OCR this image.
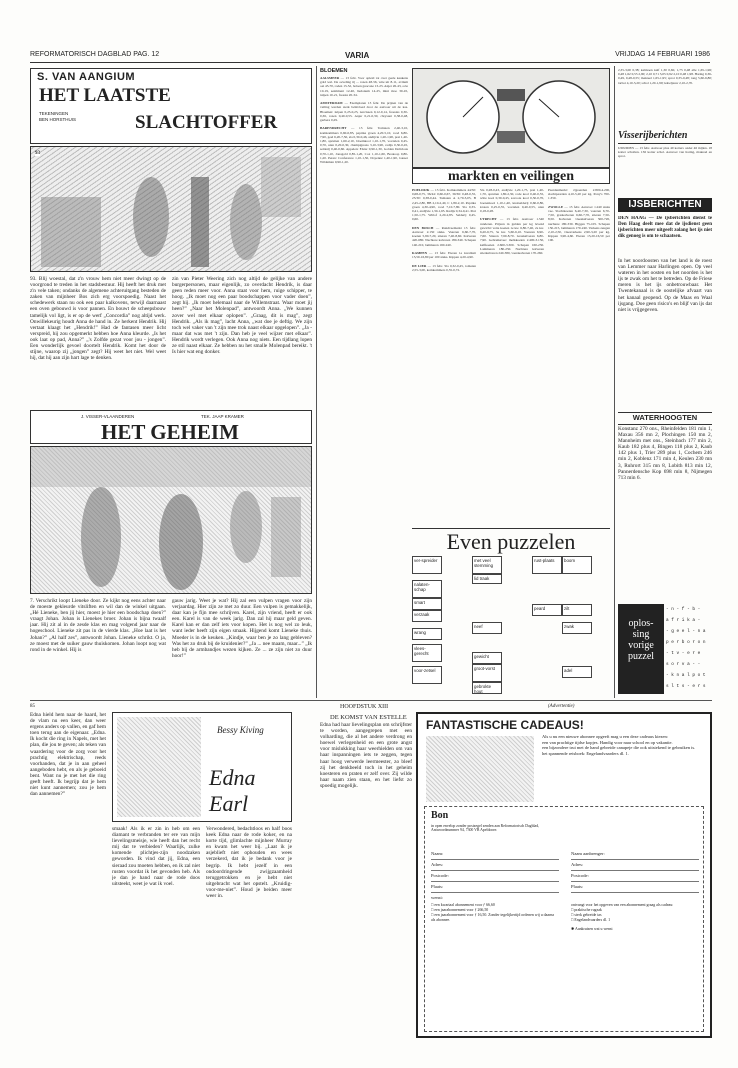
REFORMATORISCH DAGBLAD PAG. 12	VARIA	VRIJDAG 14 FEBRUARI 1986
S. VAN AANGIUM
HET LAATSTE
TEKENINGEN
BEN HORSTHUIS	SLACHTOFFER
93
93. Blij woestal, dat z'n vrouw hem niet meer dwingt op de voorgrond te treden in het stadsbestuur. Hij heeft het druk met z'n vele taken; ondanks de algemene achteruitgang besteden de zaken van mijnheer Bos zich erg voorspoedig. Naast het schedewerk staan nu ook een paar kalkovens, terwijl daarnaast een oven gebouwd is voor pannen. En bouwt de scheepsbouw tamelijk vol ligt, is er op de werf „Concordia” nog altijd werk. Onwillekeurig houdt Anna de hand in. Ze herkent Hendrik. Hij vertaat klaagt het „Hendrik!” Had de fantasen meer licht verspreid, hij zou opgemerkt hebben hoe Anna kleurde. „Is het ook laat op pad, Anna?” „'s Zolfde gezat voor jou - jongen”. Een wonderlijk gevoel doortelt Hendrik. Komt het door de stijne, waarop zij „jongen” zegt? Hij weet het niet. Wel weet hij, dat hij aan zijn hart lage te denken.
zin van Pieter Weering zich nog altijd de gelijke van andere burgerpersonen, maar eigenlijk, zo overdacht Hendrik, is daar geen reden meer voor. Anna staat voor hem, ruige schipper, te hoog. „Ik moet nog een paar boodschappen voor vader doen”, zegt hij. „Ik moet helemaal naar de Willemstraat. Waar moet jij heen?” „Naar het Molenpad”, antwoordt Anna. „We kunnen zover wel met elkaar oplopen”. „Graag, dit is mag”, zegt Hendrik. „Als ik mag”, lacht Anna, „wat doe je deftig. We zijn toch wel vaker van 't zijn mee trok naast elkaar opgelopen”. „Ja - maar dat was met 't zijn. Dan heb je veel wijzer met elkaar”. Hendrik wordt verlegen. Ook Anna nog niets. Een tijdlang lopen ze stil naast elkaar. Ze hebben nu het smalle Molenpad bereikt. 't Is hier wat eng donker.
J. VISSER-VLAANDEREN	TEK. JAAP KRAMER
HET GEHEIM
7. Verschrikt loopt Lieneke door. Ze kijkt nog eens achter naar de moeste gekleurde vitsliften en wil dan de winkel uitgaan. „Hé Lieneke, ben jij hier, moest je hier een boodschap doen?” vraagt Johan. Johan is Lienekes broer. Johan is bijna twaalf jaar. Hij zit al in de zesde klas en mag volgend jaar naar de hogeschool. Lieneke zit pas in de vierde klas. „Hoe laat is het Johan?” „Al half zes”, antwoordt Johan. Lieneke schrikt. O ja, ze moest met de suiker gauw thuiskomen. Johan loopt nog wat rond in de winkel. Hij is
gauw jarig. Weet je wat? Hij zal een vulpen vragen voor zijn verjaardag. Hier zijn ze met zo duur. Een vulpen is gemakkelijk, daar kan je fijn mee schrijven. Karel, zijn vriend, heeft er ook een. Karel is van de week jarig. Dan zal hij maar geld geven. Karel kan er dan zelf iets voor kopen. Het is nog wel zo leuk, want ieder heeft zijn eigen smaak. Hijgend komt Lieneke thuis. Moeder is in de keuken. „Kindje, waar ben je zo lang gebleven? Was het zo druk bij de kruidenier?” „Ja ... nee maam, maar...” „Ik heb bij de armbandjes wezen kijken. Ze ... ze zijn niet zo duur hoor!”
BLOEMEN
AALSMEER — 13 febr. Voor opleid tot over geele keukens gold wel. De oeveling tij ... rozen 48-56, wite uit 8-11, avitum oei 45-70, roden 13-52, bolsen guacone 13-23. Anjer 26-43, ocie 10-19, sentiment 12-40, liedonum 14-25, mini moo 30-45, tulpen 10-21, freesia 20-34.

AMSTERDAM — Exemplaren 13 febr. De prijzen van de veiling werden sterk beïnvloed door de aanvoer uit de kas. Bloemen: tulpen 0,23-0,25, narcissen 0,12-0,14, freesias 0,30-0,36, rozen 0,40-0,55. Anjer 0,21-0,30, chrysant 0,38-0,48, gerbera 0,29.

BARENDRECHT — 13 febr. Tomaten 2,40-3,10, komkommers 0,60-0,85, paprika groen 4,20-5,10, rood 6,80-7,90, geel 6,20-7,50, sla 0,30-0,46, andijvie 1,20-1,90, prei 1,40-1,80, spruiten 1,60-2,10, bloemkool 1,10-1,70, wortelen 0,45-0,70, uien 0,20-0,30, champignons 3,10-3,90, radijs 0,30-0,45, selderij 0,40-0,60. Appelen: Elstar 0,90-1,30, Golden Delicious 0,70-1,10, Jonagold 0,85-1,20, Cox 1,10-1,60, Boskoop 0,80-1,20. Peren: Conference 1,10-1,50, Doyenné 1,40-1,90, Gieser Wildeman 0,90-1,20.
markten en veilingen
POELDIJK — 13 febr. Komkommers 44/50: 0,68-0,75, 36/44: 0,60-0,67, 30/36: 0,48-0,55, 25/30: 0,38-0,44. Tomaten A 2,70-3,05, B 2,45-2,80, BB 2,10-2,40, C 1,80-2,10. Paprika groen 4,30-4,90, rood 7,10-7,80. Sla 0,33-0,41, andijvie 1,30-1,65. Radijs 0,34-0,41. Prei 1,50-1,75. Witlof 2,20-2,85. Selderij 0,45-0,60.

DEN BOSCH — Rundveemarkt 13 febr. Aanvoer 2.150 stuks. Vaarzen 6,60-7,70, koeien 5,90-7,20, stieren 7,40-8,60. Kalveren 420-680. Nuchtere kalveren 180-340. Schapen 140-210, lammeren 160-240.

KAMPEN — 13 febr. Eieren 1e kwaliteit 15,50-16,80 per 100 stuks. Kippen 4,20-4,90.

DE LIER — 13 febr. Sla 0,32-0,45, tomaten 2,55-3,00, komkommers 0,55-0,72.
Sla 0,28-0,43, andijvie 1,20-1,75, prei 1,40-1,70, spruiten 1,80-2,30, rode kool 0,40-0,55, witte kool 0,30-0,45, savooie kool 0,50-0,70, boerenkool 1,10-1,40, knolselderij 0,60-0,80, kroten 0,25-0,35, wortelen 0,40-0,55, uien 0,18-0,28.

UTRECHT — 13 febr. Aanvoer 1.540 runderen. Prijzen in gulden per kg levend gewicht: vette koeien 1e kw. 6,80-7,40, 2e kw. 6,20-6,75, 3e kw. 5,60-6,10. Vaarzen 6,90-7,60. Stieren 7,60-8,70. Graskalveren 6,80-7,90. Gebruiksvee: melkkoeien 2.400-3.150, kalfkoeien 2.600-3.300. Schapen 160-230. Lammeren 180-250. Nuchtere kalveren stierkalveren 240-380, vaarskalveren 170-260.
Paardenmarkt: rijpaarden 2.800-4.200, slachtpaarden 4,10-5,20 per kg. Pony's 700-1.350.

ZWOLLE — 13 febr. Aanvoer 1.240 stuks vee. Slachtkoeien 6,40-7,30, vaarzen 6,70-7,50, graskalveren 6,60-7,70, stieren 7,50-8,50. Kalveren vleeskalveren 500-720, nuchtere 180-330. Biggen 75-105. Schapen 150-215, lammeren 170-240. Varkens zeugen 2,10-2,50, vleesvarkens 2,90-3,20 per kg. Kippen 3,90-4,60. Eieren 15,20-16,50 per 100.
2,35-3,00 0,38; kalmoen kalf 1,30 0,60, 1,75 0,48 alle 1,65-1,96; 0,48 1,62 0,55 2,90; 2,10 0,71 3,05 0,92 2,10 0,48 1,98. Haring 0,36-0,49, 0,48-0,55; makreel 1,65-1,95; sprot 0,35-0,48; tong 5,60-6,80; tarbot 4,10-5,20; schol 1,20-1,90; kabeljauw 2,10-2,70.
Visserijberichten
UMUIDEN — 13 febr. Aanvoer plus 40 kotters onder 46 mijlen. 18 kotter schollen. 136 kotter schol. Aanvoer van haring, makreel en sprot.
IJSBERICHTEN
DEN HAAG — De ijsberichten dienst te Den Haag deelt mee dat de ijsdienst geen ijsberichten meer uitgeeft zolang het ijs niet dik genoeg is om te schaatsen.
In het noordoosten van het land is de roest van Lemmer naar Harlingen open. Op veel wateren in het oosten en het noorden is het ijs te zwak om het te betreden. Op de Friese meren is het ijs onbetrouwbaar. Het Twentekanaal is de oostelijke afvaart van het kanaal geopend. Op de Maas en Waal ijsgang. Doe geen risico's en blijf van ijs dat niet is vrijgegeven.
WATERHOOGTEN
Konstanz 270 ons., Rheinfelden 181 min 1, Maxau 356 mn 2, Plochingen 150 mn 2, Mannheim met ons., Steinbach 177 min 2, Kaub 182 plus 4, Bingen 118 plus 2, Kaub 142 plus 1, Trier 289 plus 1, Cochem 246 min 2, Koblenz 171 min 4, Keulen 230 mn 3, Ruhrort 315 mn 8, Lobith 813 min 12, Pannerdensche Kop 698 min 8, Nijmegen 713 min 6.
Even puzzelen
ver-spreider	met veel stemming
lid traak
rust-plaats	boom
nalaten-schap
smart
verzaak
peard	zilt
wrang
neef
vlees-gerecht
zwak
voor-zetsel
gewicht
groot-vorst
gebrokte hout
adel
oplos-
sing
vorige
puzzel
- n - f - b -
a f r i k a -
- g e e l - n a
p e r b o r o n
- t v - e r e
s o r v a - -
- k n a l p o t
s l t s - e r s
85	HOOFDSTUK XIII
DE KOMST VAN ESTELLE
Edna hield hem naar de haard, het de vlam nu een keer, dan weer ergens anders op vallen, en gaf hem toen terug aan de eigenaar. „Edna. Ik kocht die ring in Napels, met het plan, die jou te geven; als teken van waardering voor de zorg voor het prachtig elektrischap, reeds voorhanden, dat je in aan geheel aangeboden hebt, en als je geboeid bent. Want nu je met het die ring geeft heeft. Ik begrijp dat je hem niet kunt aannemen; zou je hem dan aannemen?”
Bessy Kiving
Edna Earl
smaak! Als ik er zin in heb om een diamant te verbranden ter ere van mijn lievelingsmeisje, wie heeft dan het recht mij dat te verbieden? Waarlijk, zulke komende plichtjes-zijn noodzaken geworden. Ik vind dat jij, Edna, een sieraad zou moeten hebben, en ik zal niet rusten voordat ik het gevonden heb. Als je dan je hand naar de rode doos uitsteekt, weet je wat ik voel.
Verwondered, bedachtloos en half boos keek Edna naar de rode koker, en na korte tijd, glimlachte mijnheer Murray en kwam het weer bij. „Laat ik je asjeblieft niet ophouden en wees verzekerd, dat ik je bedank voor je begrip. Ik hebt jezelf in een ondoordringende zwijgzaamheid teruggetrokken en je hebt niet uitgebracht wat het opstelt. „Kruidig-voor-me-niet”. Houd je beiden meer weer in.
Edna had haar lievelingsplan om schrijfster te worden, aangegrepen met een volharding, die al het andere verdrong en hoewel verlegenheid en een grote angst voor mislukking haar weerhielden om van haar inspanningen iets te zeggen, tegen haar hoog verwerde leermeester, zo bleef zij het denkbeeld toch in het geheim koesteren en praten er zelf over. Zij wilde haar naam zien staan, en het liefst zo spoedig mogelijk.
(Advertentie)
FANTASTISCHE CADEAUS!
Als u nu een nieuwe abonnee opgeeft mag u een deze cadeaus kiezen:
een van prachtige tijdse kopjes. Handig voor naar school en op vakantie.
een bijzondere trui met de hand gebreide canapeje die ook uitstekend te gebruiken is.
het spannende reisboek: Engelandvaarders dl. 1.
Bon
in open envelop zonder postzegel zenden aan Reformatorisch Dagblad, Antwoordnummer 94, 7300 VB Apeldoorn
Naam:
Adres:
Postcode:
Plaats:
wenst:
□ een kwartaal abonnement voor ƒ 66,60
□ een jaarabonnement voor ƒ 266,50
□ een jaarabonnement voor ƒ 16,50. Zonder tegelijkertijd ordenen wij u daarna als abonnee.
Naam aanbrenger:
Adres:
Postcode:
Plaats:
ontvangt voor het opgeven van een abonnement graag als cadeau:
□ praktische rugzak
□ sterk gebreide tas
□ Engelandvaarders dl. 1
✱ Aankruisen wat u wenst
